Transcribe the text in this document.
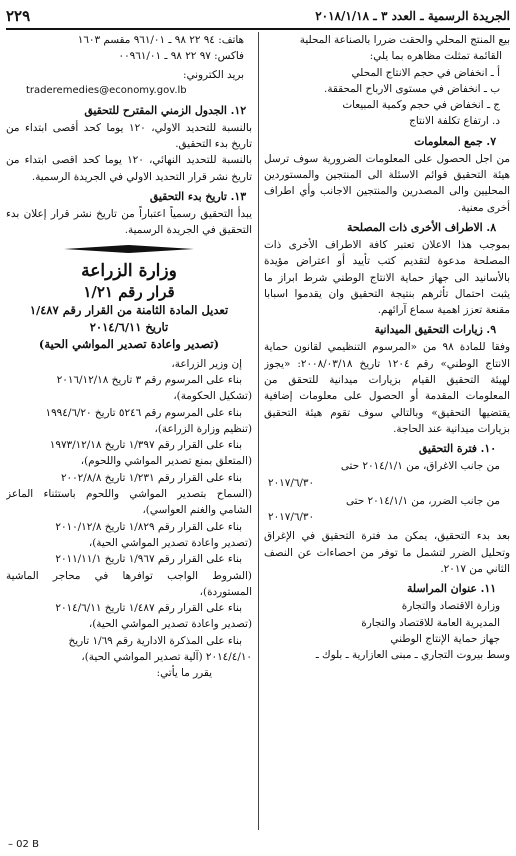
الجريدة الرسمية ـ العدد ٣ ـ ٢٠١٨/١/١٨
٢٢٩

بيع المنتج المحلي والحقت ضررا بالصناعة المحلية

القائمة تمثلت مظاهره بما يلي:

أ ـ انخفاض في حجم الانتاج المحلي
ب ـ انخفاض في مستوى الارباح المحققة.
ج ـ انخفاض في حجم وكمية المبيعات
د. ارتفاع تكلفة الانتاج
٧. جمع المعلومات

من اجل الحصول على المعلومات الضرورية سوف ترسل هيئة التحقيق قوائم الاسئلة الى المنتجين والمستوردين المحليين والى المصدرين والمنتجين الاجانب وأي اطراف أخرى معنية.

٨. الاطراف الأخرى ذات المصلحة

بموجب هذا الاعلان تعتبر كافة الاطراف الأخرى ذات المصلحة مدعوة لتقديم كتب تأييد أو اعتراض مؤيدة بالأسانيد الى جهاز حماية الانتاج الوطني شرط ابراز ما يثبت احتمال تأثرهم بنتيجة التحقيق وان يقدموا اسبابا مقنعة تعزز اهمية سماع آرائهم.

٩. زيارات التحقيق الميدانية

وفقا للمادة ٩٨ من «المرسوم التنظيمي لقانون حماية الانتاج الوطني» رقم ١٢٠٤ تاريخ ٢٠٠٨/٠٣/١٨: «يجوز لهيئة التحقيق القيام بزيارات ميدانية للتحقق من المعلومات المقدمة أو الحصول على معلومات إضافية يقتضيها التحقيق» وبالتالي سوف تقوم هيئة التحقيق بزيارات ميدانية عند الحاجة.

١٠. فترة التحقيق

من جانب الاغراق، من ٢٠١٤/١/١ حتى

٢٠١٧/٦/٣٠

من جانب الضرر، من ٢٠١٤/١/١ حتى

٢٠١٧/٦/٣٠

بعد بدء التحقيق، يمكن مد فترة التحقيق في الإغراق وتحليل الضرر لتشمل ما توفر من احصاءات عن النصف الثاني من ٢٠١٧.

١١. عنوان المراسلة
وزارة الاقتصاد والتجارة
المديرية العامة للاقتصاد والتجارة
جهاز حماية الإنتاج الوطني
وسط بيروت التجاري ـ مبنى العازارية ـ بلوك ـ
هاتف: ٩٤ ٢٢ ٩٨ ـ ٩٦١/٠١ مقسم ١٦٠٣
فاكس: ٩٧ ٢٢ ٩٨ ـ ٠٠٩٦١/٠١
بريد الكتروني:
traderemedies@economy.gov.lb
١٢. الجدول الزمني المقترح للتحقيق

بالنسبة للتحديد الاولي، ١٢٠ يوما كحد أقصى ابتداء من تاريخ بدء التحقيق.

بالنسبة للتحديد النهائي، ١٢٠ يوما كحد اقصى ابتداء من تاريخ نشر قرار التحديد الاولي في الجريدة الرسمية.

١٣. تاريخ بدء التحقيق

يبدأ التحقيق رسمياً اعتباراً من تاريخ نشر قرار إعلان بدء التحقيق في الجريدة الرسمية.

وزارة الزراعة
قرار رقم ١/٢١
تعديل المادة الثامنة من القرار رقم ١/٤٨٧
تاريخ ٢٠١٤/٦/١١
(تصدير واعادة تصدير المواشي الحية)
إن وزير الزراعة،
بناء على المرسوم رقم ٣ تاريخ ٢٠١٦/١٢/١٨
(تشكيل الحكومة)،
بناء على المرسوم رقم ٥٢٤٦ تاريخ ١٩٩٤/٦/٢٠
(تنظيم وزارة الزراعة)،
بناء على القرار رقم ١/٣٩٧ تاريخ ١٩٧٣/١٢/١٨
(المتعلق بمنع تصدير المواشي واللحوم)،
بناء على القرار رقم ١/٢٣١ تاريخ ٢٠٠٢/٨/٨
(السماح بتصدير المواشي واللحوم باستثناء الماعز الشامي والغنم العواسي)،
بناء على القرار رقم ١/٨٢٩ تاريخ ٢٠١٠/١٢/٨
(تصدير واعادة تصدير المواشي الحية)،
بناء على القرار رقم ١/٩٦٧ تاريخ ٢٠١١/١١/١
(الشروط الواجب توافرها في محاجر الماشية المستوردة)،
بناء على القرار رقم ١/٤٨٧ تاريخ ٢٠١٤/٦/١١
(تصدير واعادة تصدير المواشي الحية)،
بناء على المذكرة الادارية رقم ١/٦٩ تاريخ
٢٠١٤/٤/١٠ (آلية تصدير المواشي الحية)،
يقرر ما يأتي:
– 02 B
